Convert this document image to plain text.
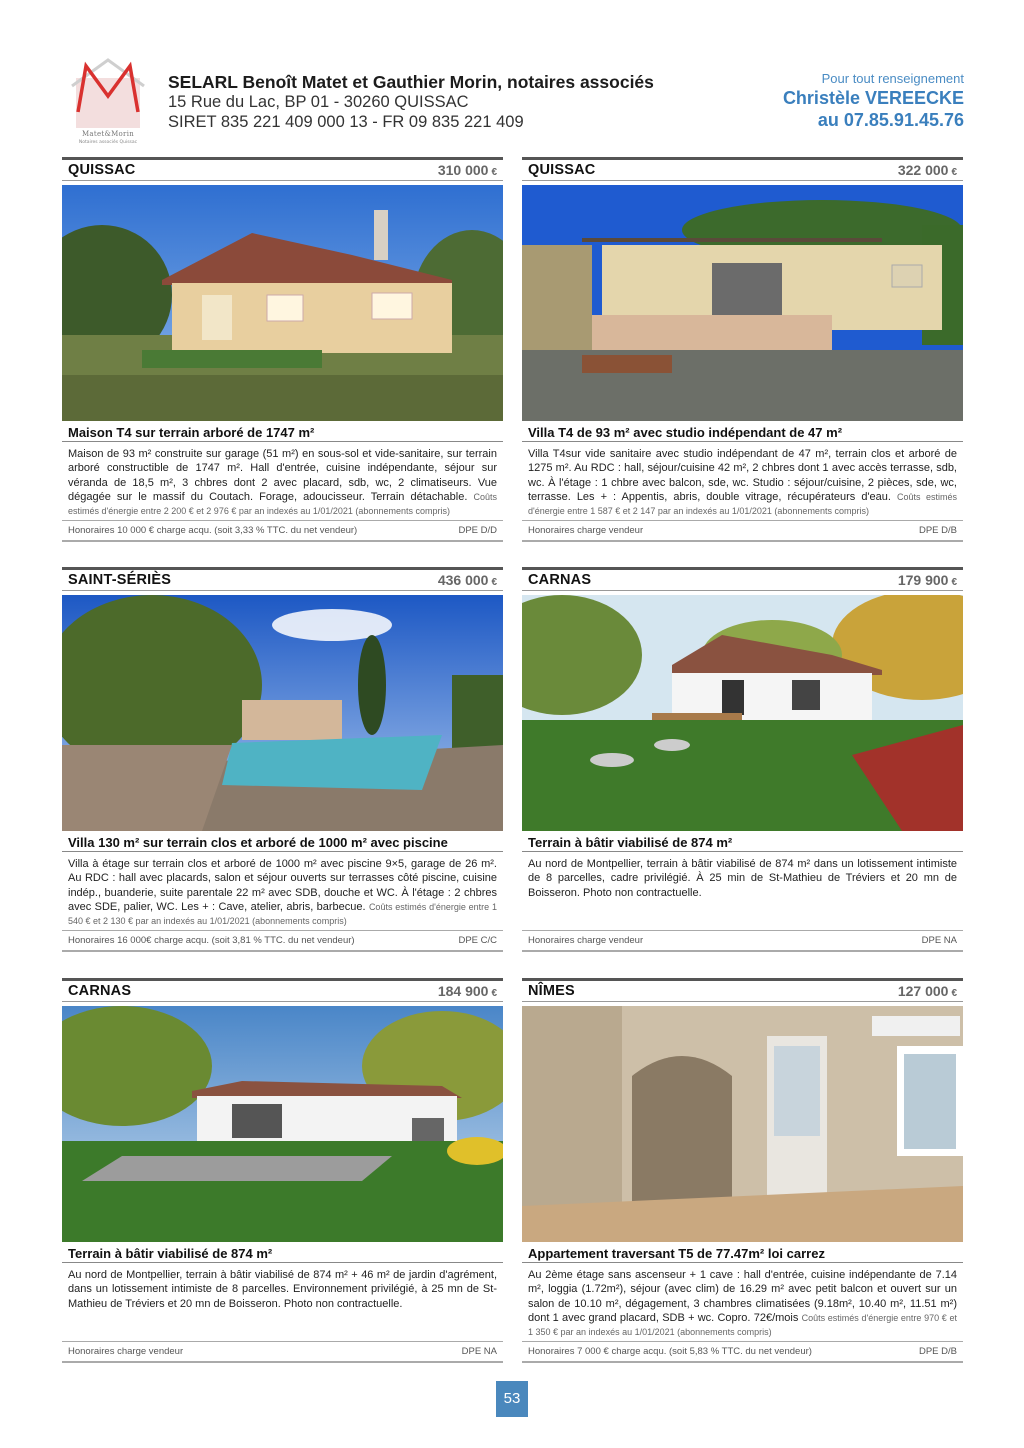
Matet&Morin
Notaires associés Quissac
SELARL Benoît Matet et Gauthier Morin, notaires associés
15 Rue du Lac, BP 01 - 30260 QUISSAC
SIRET 835 221 409 000 13 - FR 09 835 221 409
Pour tout renseignement
Christèle VEREECKE
au 07.85.91.45.76
QUISSAC	310 000 €
Maison T4 sur terrain arboré de 1747 m²
Maison de 93 m² construite sur garage (51 m²) en sous-sol et vide-sanitaire, sur terrain arboré constructible de 1747 m². Hall d'entrée, cuisine indépendante, séjour sur véranda de 18,5 m², 3 chbres dont 2 avec placard, sdb, wc, 2 climatiseurs. Vue dégagée sur le massif du Coutach. Forage, adoucisseur. Terrain détachable. Coûts estimés d'énergie entre 2 200 € et 2 976 € par an indexés au 1/01/2021 (abonnements compris)
Honoraires 10 000 € charge acqu. (soit 3,33 % TTC. du net vendeur)	DPE D/D
QUISSAC	322 000 €
Villa T4 de 93 m² avec studio indépendant de 47 m²
Villa T4sur vide sanitaire avec studio indépendant de 47 m², terrain clos et arboré de 1275 m². Au RDC : hall, séjour/cuisine 42 m², 2 chbres dont 1 avec accès terrasse, sdb, wc. À l'étage : 1 chbre avec balcon, sde, wc. Studio : séjour/cuisine, 2 pièces, sde, wc, terrasse. Les + : Appentis, abris, double vitrage, récupérateurs d'eau. Coûts estimés d'énergie entre 1 587 € et 2 147 par an indexés au 1/01/2021 (abonnements compris)
Honoraires charge vendeur	DPE D/B
SAINT-SÉRIÈS	436 000 €
Villa 130 m² sur terrain clos et arboré de 1000 m² avec piscine
Villa à étage sur terrain clos et arboré de 1000 m² avec piscine 9×5, garage de 26 m². Au RDC : hall avec placards, salon et séjour ouverts sur terrasses côté piscine, cuisine indép., buanderie, suite parentale 22 m² avec SDB, douche et WC. À l'étage : 2 chbres avec SDE, palier, WC. Les + : Cave, atelier, abris, barbecue. Coûts estimés d'énergie entre 1 540 € et 2 130 € par an indexés au 1/01/2021 (abonnements compris)
Honoraires 16 000€ charge acqu. (soit 3,81 % TTC. du net vendeur)	DPE C/C
CARNAS	179 900 €
Terrain à bâtir viabilisé de 874 m²
Au nord de Montpellier, terrain à bâtir viabilisé de 874 m² dans un lotissement intimiste de 8 parcelles, cadre privilégié. À 25 min de St-Mathieu de Tréviers et 20 mn de Boisseron. Photo non contractuelle.
Honoraires charge vendeur	DPE NA
CARNAS	184 900 €
Terrain à bâtir viabilisé de 874 m²
Au nord de Montpellier, terrain à bâtir viabilisé de 874 m² + 46 m² de jardin d'agrément, dans un lotissement intimiste de 8 parcelles. Environnement privilégié, à 25 mn de St-Mathieu de Tréviers et 20 mn de Boisseron. Photo non contractuelle.
Honoraires charge vendeur	DPE NA
NÎMES	127 000 €
Appartement traversant T5 de 77.47m² loi carrez
Au 2ème étage sans ascenseur + 1 cave : hall d'entrée, cuisine indépendante de 7.14 m², loggia (1.72m²), séjour (avec clim) de 16.29 m² avec petit balcon et ouvert sur un salon de 10.10 m², dégagement, 3 chambres climatisées (9.18m², 10.40 m², 11.51 m²) dont 1 avec grand placard, SDB + wc. Copro. 72€/mois Coûts estimés d'énergie entre 970 € et 1 350 € par an indexés au 1/01/2021 (abonnements compris)
Honoraires 7 000 € charge acqu. (soit 5,83 % TTC. du net vendeur)	DPE D/B
53
